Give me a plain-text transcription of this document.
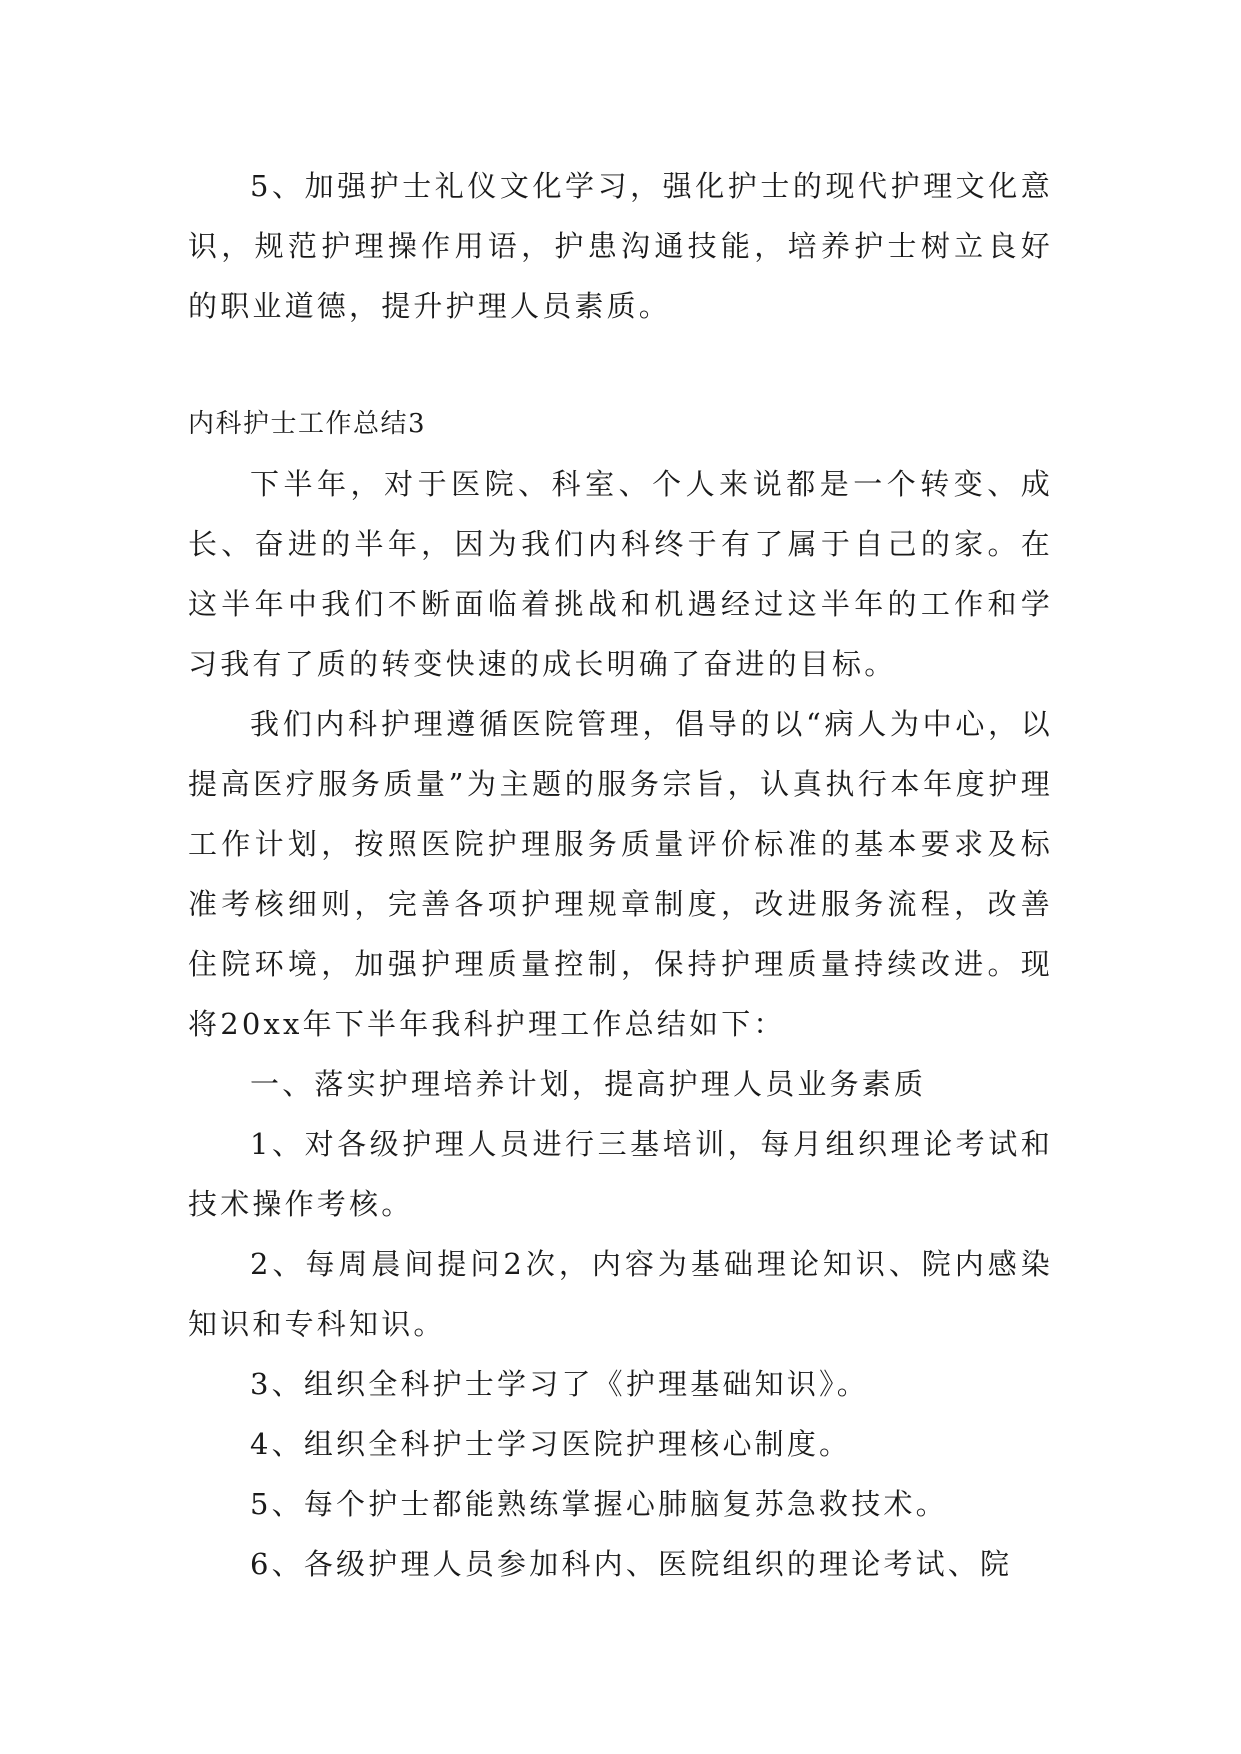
5、加强护士礼仪文化学习，强化护士的现代护理文化意识，规范护理操作用语，护患沟通技能，培养护士树立良好的职业道德，提升护理人员素质。

内科护士工作总结3

下半年，对于医院、科室、个人来说都是一个转变、成长、奋进的半年，因为我们内科终于有了属于自己的家。在这半年中我们不断面临着挑战和机遇经过这半年的工作和学习我有了质的转变快速的成长明确了奋进的目标。

我们内科护理遵循医院管理，倡导的以“病人为中心，以提高医疗服务质量”为主题的服务宗旨，认真执行本年度护理工作计划，按照医院护理服务质量评价标准的基本要求及标准考核细则，完善各项护理规章制度，改进服务流程，改善住院环境，加强护理质量控制，保持护理质量持续改进。现将20xx年下半年我科护理工作总结如下：

一、落实护理培养计划，提高护理人员业务素质

1、对各级护理人员进行三基培训，每月组织理论考试和技术操作考核。

2、每周晨间提问2次，内容为基础理论知识、院内感染知识和专科知识。

3、组织全科护士学习了《护理基础知识》。

4、组织全科护士学习医院护理核心制度。

5、每个护士都能熟练掌握心肺脑复苏急救技术。

6、各级护理人员参加科内、医院组织的理论考试、院
